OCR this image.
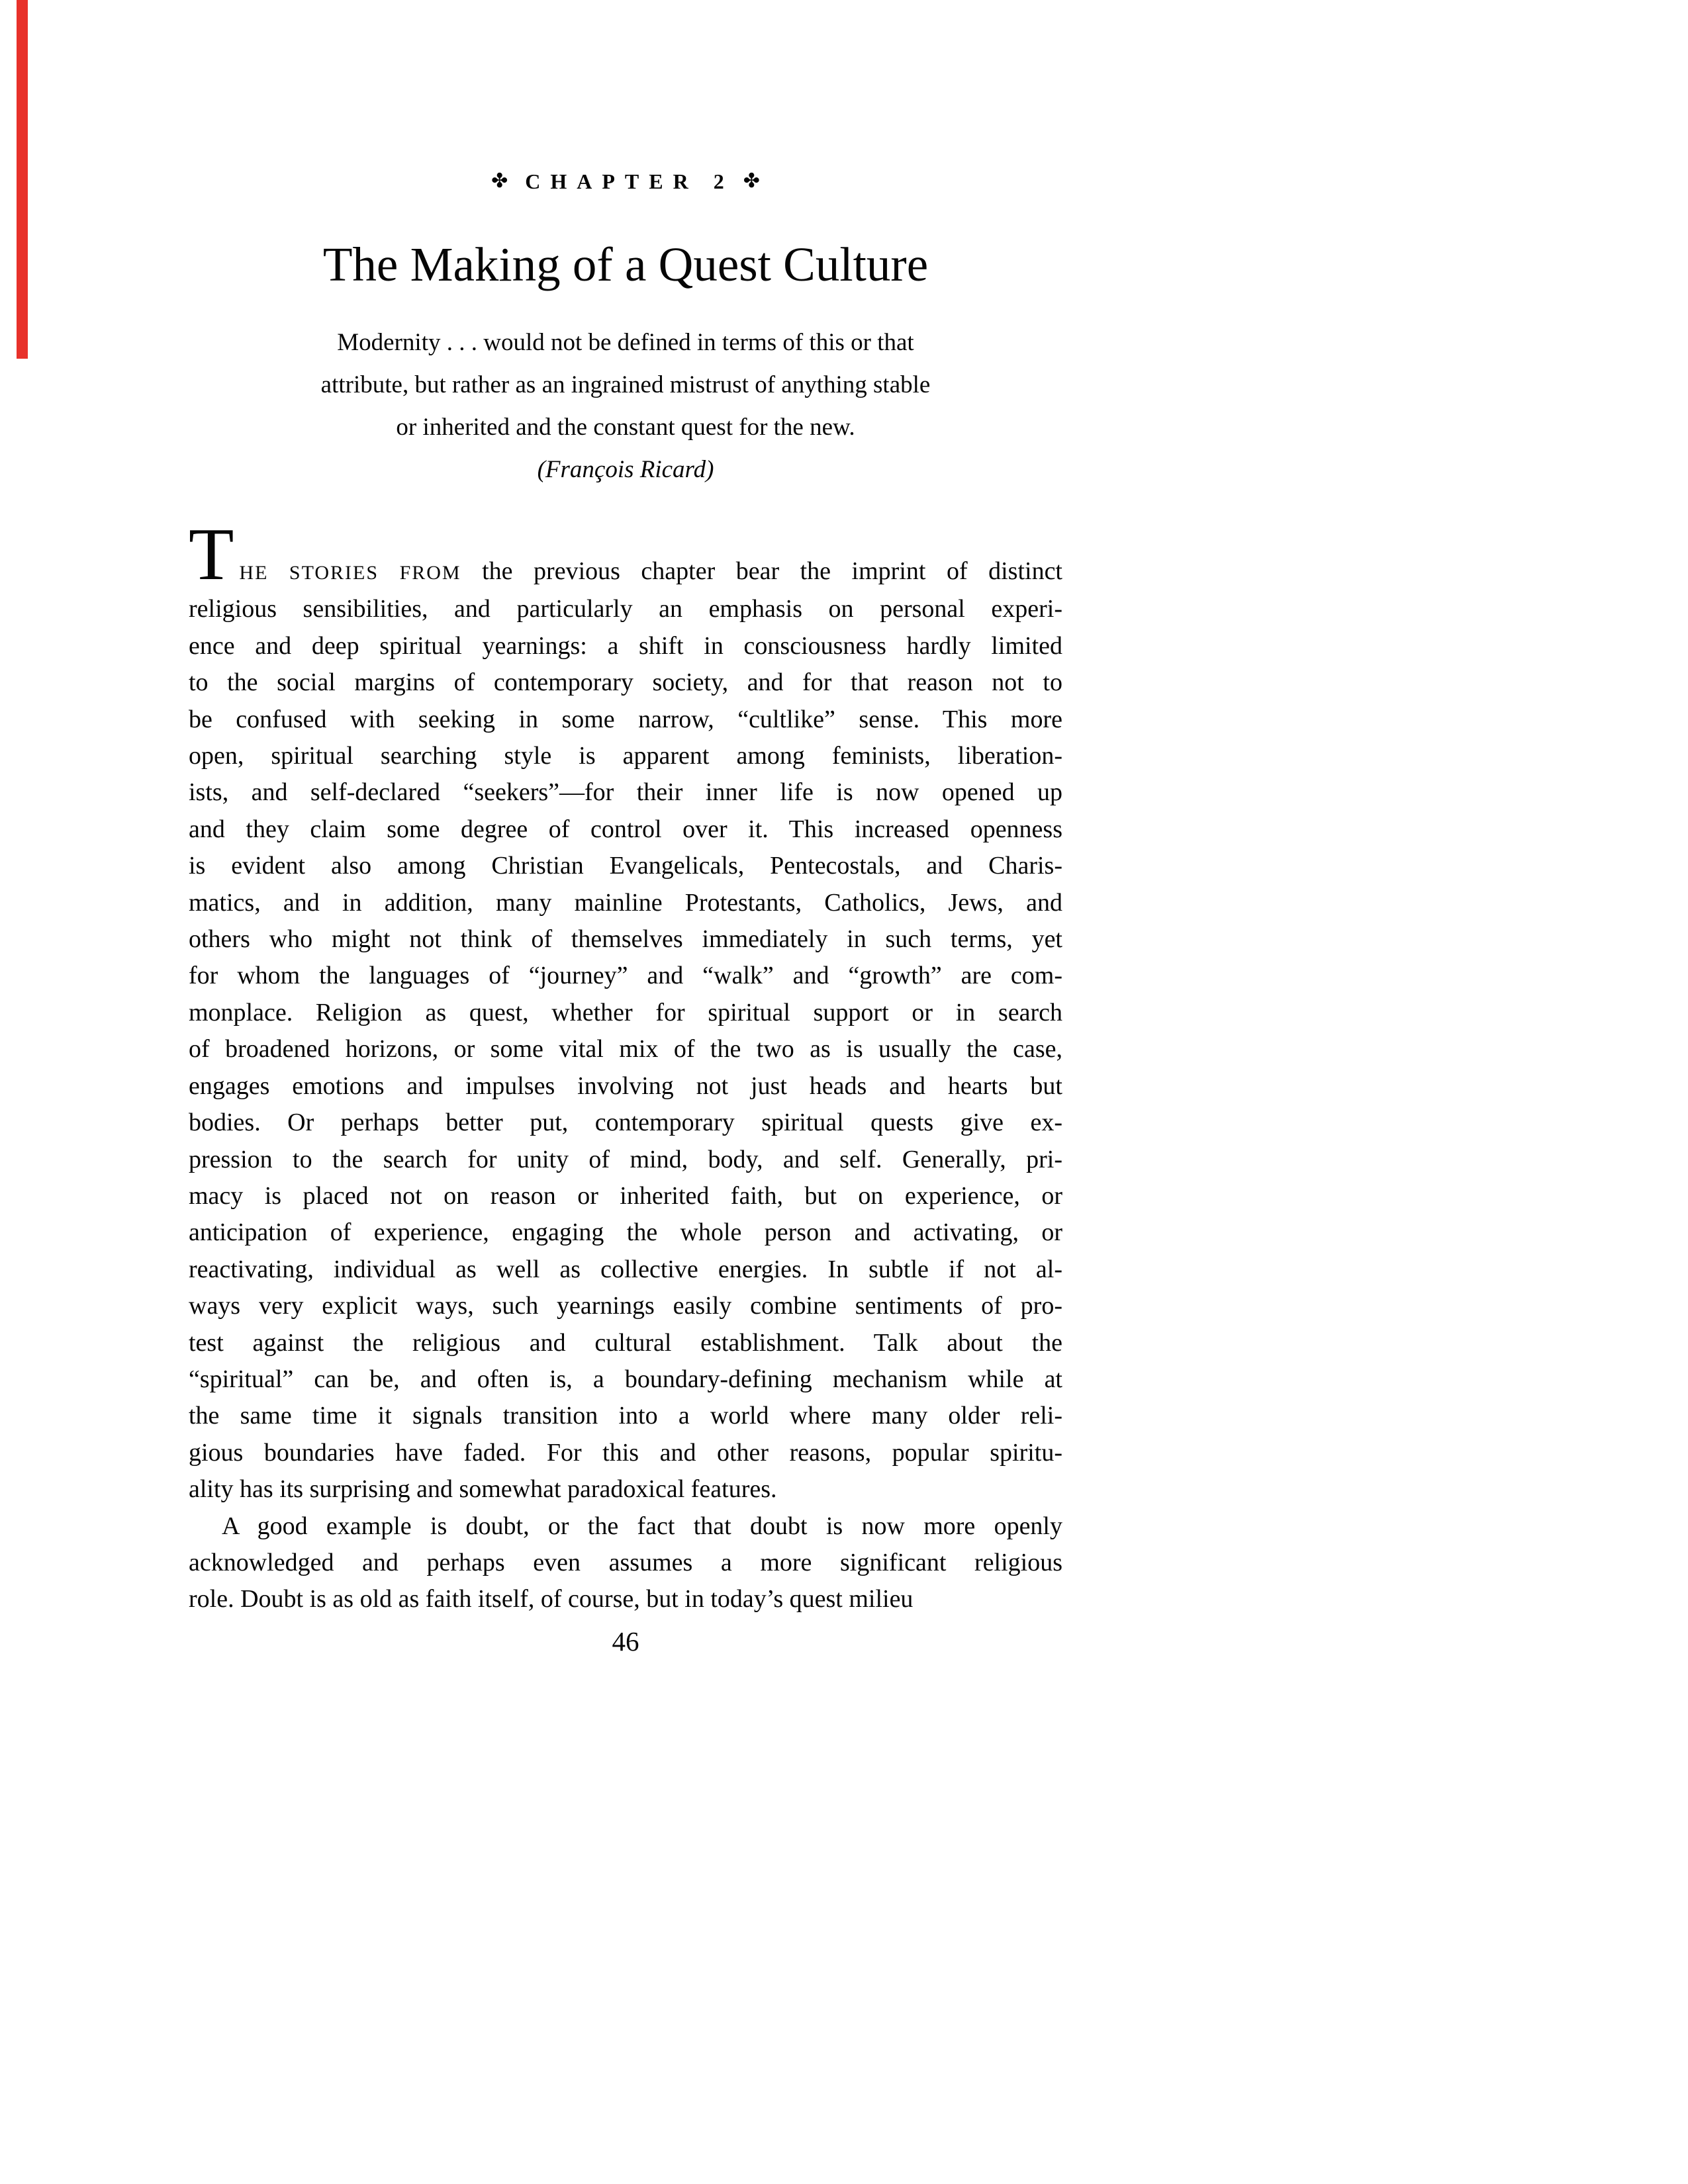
✤ CHAPTER 2 ✤
The Making of a Quest Culture
Modernity . . . would not be defined in terms of this or that
attribute, but rather as an ingrained mistrust of anything stable
or inherited and the constant quest for the new.
(François Ricard)
THE STORIES FROM the previous chapter bear the imprint of distinct
religious sensibilities, and particularly an emphasis on personal experi-
ence and deep spiritual yearnings: a shift in consciousness hardly limited
to the social margins of contemporary society, and for that reason not to
be confused with seeking in some narrow, “cultlike” sense. This more
open, spiritual searching style is apparent among feminists, liberation-
ists, and self-declared “seekers”—for their inner life is now opened up
and they claim some degree of control over it. This increased openness
is evident also among Christian Evangelicals, Pentecostals, and Charis-
matics, and in addition, many mainline Protestants, Catholics, Jews, and
others who might not think of themselves immediately in such terms, yet
for whom the languages of “journey” and “walk” and “growth” are com-
monplace. Religion as quest, whether for spiritual support or in search
of broadened horizons, or some vital mix of the two as is usually the case,
engages emotions and impulses involving not just heads and hearts but
bodies. Or perhaps better put, contemporary spiritual quests give ex-
pression to the search for unity of mind, body, and self. Generally, pri-
macy is placed not on reason or inherited faith, but on experience, or
anticipation of experience, engaging the whole person and activating, or
reactivating, individual as well as collective energies. In subtle if not al-
ways very explicit ways, such yearnings easily combine sentiments of pro-
test against the religious and cultural establishment. Talk about the
“spiritual” can be, and often is, a boundary-defining mechanism while at
the same time it signals transition into a world where many older reli-
gious boundaries have faded. For this and other reasons, popular spiritu-
ality has its surprising and somewhat paradoxical features.
A good example is doubt, or the fact that doubt is now more openly
acknowledged and perhaps even assumes a more significant religious
role. Doubt is as old as faith itself, of course, but in today’s quest milieu
46
